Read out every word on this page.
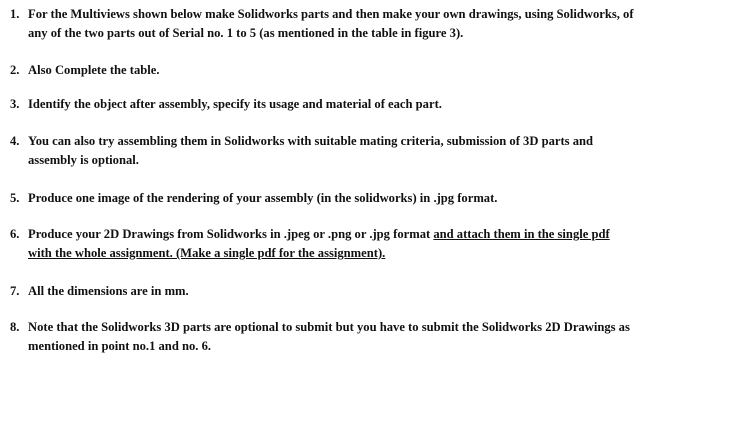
1. For the Multiviews shown below make Solidworks parts and then make your own drawings, using Solidworks, of
any of the two parts out of Serial no. 1 to 5 (as mentioned in the table in figure 3).
2. Also Complete the table.
3. Identify the object after assembly, specify its usage and material of each part.
4. You can also try assembling them in Solidworks with suitable mating criteria, submission of 3D parts and
assembly is optional.
5. Produce one image of the rendering of your assembly (in the solidworks) in .jpg format.
6. Produce your 2D Drawings from Solidworks in .jpeg or .png or .jpg format and attach them in the single pdf
with the whole assignment. (Make a single pdf for the assignment).
7. All the dimensions are in mm.
8. Note that the Solidworks 3D parts are optional to submit but you have to submit the Solidworks 2D Drawings as
mentioned in point no.1 and no. 6.
